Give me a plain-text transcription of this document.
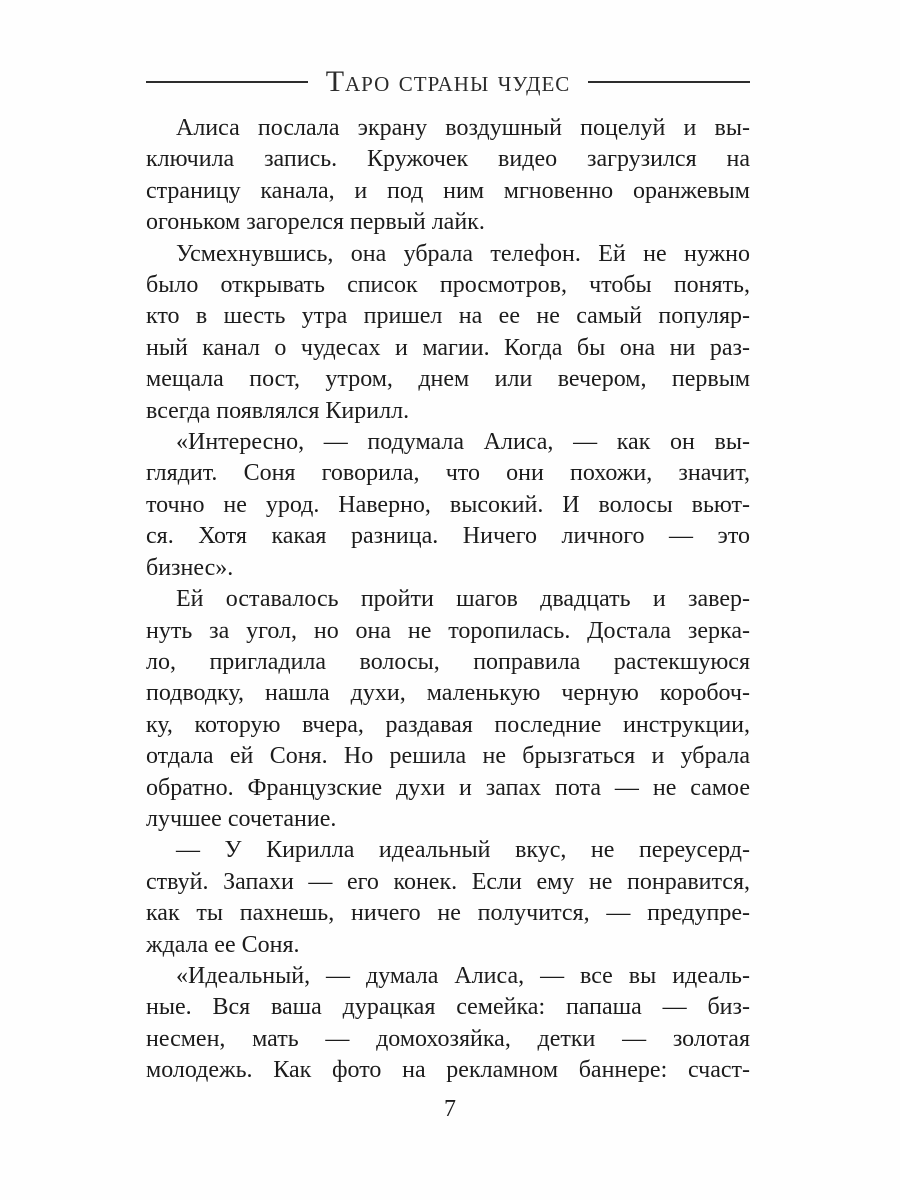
Таро страны чудес

Алиса послала экрану воздушный поцелуй и вы-
ключила запись. Кружочек видео загрузился на
страницу канала, и под ним мгновенно оранжевым
огоньком загорелся первый лайк.

Усмехнувшись, она убрала телефон. Ей не нужно
было открывать список просмотров, чтобы понять,
кто в шесть утра пришел на ее не самый популяр-
ный канал о чудесах и магии. Когда бы она ни раз-
мещала пост, утром, днем или вечером, первым
всегда появлялся Кирилл.

«Интересно, — подумала Алиса, — как он вы-
глядит. Соня говорила, что они похожи, значит,
точно не урод. Наверно, высокий. И волосы вьют-
ся. Хотя какая разница. Ничего личного — это
бизнес».

Ей оставалось пройти шагов двадцать и завер-
нуть за угол, но она не торопилась. Достала зерка-
ло, пригладила волосы, поправила растекшуюся
подводку, нашла духи, маленькую черную коробоч-
ку, которую вчера, раздавая последние инструкции,
отдала ей Соня. Но решила не брызгаться и убрала
обратно. Французские духи и запах пота — не самое
лучшее сочетание.

— У Кирилла идеальный вкус, не переусерд-
ствуй. Запахи — его конек. Если ему не понравится,
как ты пахнешь, ничего не получится, — предупре-
ждала ее Соня.

«Идеальный, — думала Алиса, — все вы идеаль-
ные. Вся ваша дурацкая семейка: папаша — биз-
несмен, мать — домохозяйка, детки — золотая
молодежь. Как фото на рекламном баннере: счаст-

7
